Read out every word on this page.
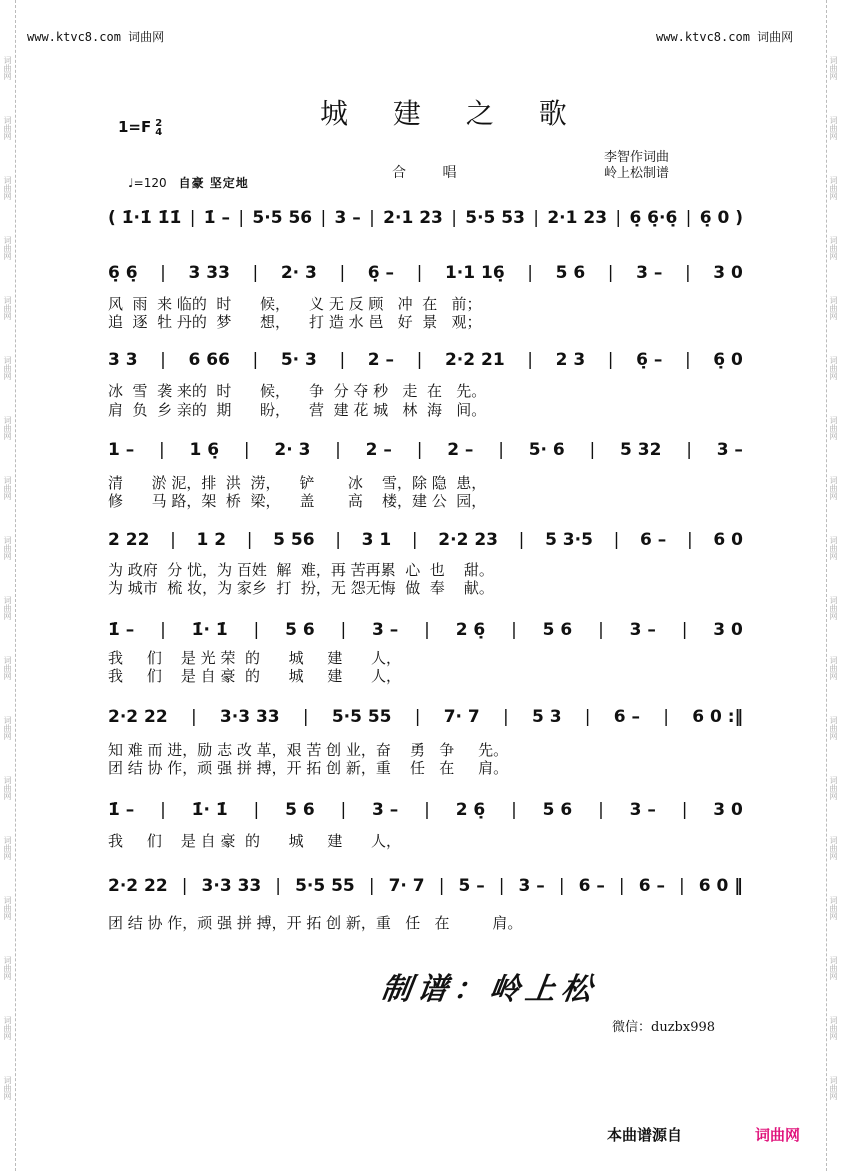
词曲网
词曲网
词曲网
词曲网
词曲网
词曲网
词曲网
词曲网
词曲网
词曲网
词曲网
词曲网
词曲网
词曲网
词曲网
词曲网
词曲网
词曲网
词曲网
词曲网
词曲网
词曲网
词曲网
词曲网
词曲网
词曲网
词曲网
词曲网
词曲网
词曲网
词曲网
词曲网
词曲网
词曲网
词曲网
词曲网
www.ktvc8.com 词曲网	www.ktvc8.com 词曲网
城 建 之 歌
1=F 2
4
李智作词曲
岭上松制谱
合 唱
♩=120 自豪 坚定地
( 1̇·1̇ 1̇1̇ | 1̇ – | 5·5 56 | 3 – | 2·1 23 | 5·5 53 | 2·1 23 | 6̣ 6̣·6̣ | 6̣ 0 )
6̣ 6̣ | 3 33 | 2· 3 | 6̣ – | 1·1 16̣ | 5 6 | 3 – | 3 0
3 3 | 6 66 | 5· 3 | 2 – | 2·2 21 | 2 3 | 6̣ – | 6̣ 0
1 – | 1 6̣ | 2· 3 | 2 – | 2 – | 5· 6 | 5 32 | 3 –
2 22 | 1 2 | 5 56 | 3 1 | 2·2 23 | 5 3·5 | 6 – | 6 0
1̇ – | 1̇· 1̇ | 5 6 | 3 – | 2 6̣ | 5 6 | 3 – | 3 0
2·2 22 | 3·3 33 | 5·5 55 | 7· 7 | 5 3 | 6 – | 6 0 :‖
1̇ – | 1̇· 1̇ | 5 6 | 3 – | 2 6̣ | 5 6 | 3 – | 3 0
2·2 22 | 3·3 33 | 5·5 55 | 7· 7 | 5 – | 3 – | 6 – | 6 – | 6 0 ‖
风  雨  来 临的  时      候，    义 无 反 顾   冲  在   前；
追  逐  牡 丹的  梦      想，    打 造 水 邑   好  景   观；
冰  雪  袭 来的  时      候，    争  分 夺 秒   走  在   先。
肩  负  乡 亲的  期      盼，    营  建 花 城   林  海   间。
清      淤 泥，排  洪  涝，    铲       冰    雪，除 隐  患，
修      马 路，架  桥  梁，    盖       高    楼，建 公  园，
为 政府  分 忧，为 百姓  解  难，再 苦再累  心  也    甜。
为 城市  梳 妆，为 家乡  打  扮，无 怨无悔  做  奉    献。
我     们    是 光 荣  的      城     建      人，
我     们    是 自 豪  的      城     建      人，
知 难 而 进，励 志 改 革，艰 苦 创 业，奋    勇   争     先。
团 结 协 作，顽 强 拼 搏，开 拓 创 新，重    任   在     肩。
我     们    是 自 豪  的      城     建      人，
团 结 协 作，顽 强 拼 搏，开 拓 创 新，重   任   在         肩。
制谱：岭上松
微信：duzbx998
本曲谱源自	词曲网
